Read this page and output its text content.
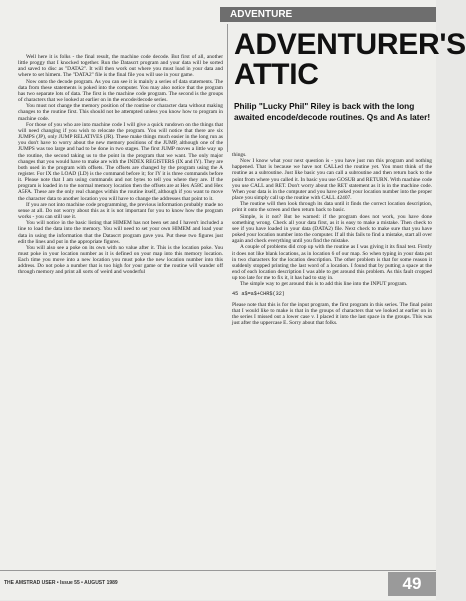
ADVENTURE
ADVENTURER'S
ATTIC

Philip "Lucky Phil" Riley is back with the long awaited encode/decode routines. Qs and As later!

Well here it is folks - the final result, the machine code decode. But first of all, another little proggy that I knocked together. Run the Datascrt program and your data will be sorted and saved to disc as "DATA2". It will then work out where you must load in your data and where to set himem. The "DATA2" file is the final file you will use in your game.

Now onto the decode program. As you can see it is mainly a series of data statements. The data from these statements is poked into the computer. You may also notice that the program has two separate lots of data. The first is the machine code program. The second is the groups of characters that we looked at earlier on in the encode/decode series.

You must not change the memory position of the routine or character data without making changes to the routine first. This should not be attempted unless you know how to program in machine code.

For those of you who are into machine code I will give a quick rundown on the things that will need changing if you wish to relocate the program. You will notice that there are six JUMPS (JP), only JUMP RELATIVES (JR). These make things much easier in the long run as you don't have to worry about the new memory positions of the JUMP, although one of the JUMPS was too large and had to be done in two stages. The first JUMP moves a little way up the routine, the second taking us to the point in the program that we want. The only major changes that you would have to make are with the INDEX REGISTERS (IX and IY). They are both used in the program with offsets. The offsets are changed by the program using the A register. For IX the LOAD (LD) is the command before it; for IY it is three commands before it. Please note that I am using commands and not bytes to tell you where they are. If the program is loaded in to the normal memory location then the offsets are at Hex A58C and Hex A5FA. These are the only real changes within the routine itself, although if you want to move the character data to another location you will have to change the addresses that point to it.

If you are not into machine code programming, the previous information probably made no sense at all. Do not worry about this as it is not important for you to know how the program works - you can still use it.

You will notice in the basic listing that HIMEM has not been set and I haven't included a line to load the data into the memory. You will need to set your own HIMEM and load your data in using the information that the Datascrt program gave you. Put these two figures just edit the lines and put in the appropriate figures.

You will also see a poke on its own with no value after it. This is the location poke. You must poke in your location number as it is defined on your map into this memory location. Each time you move into a new location you must poke the new location number into this address. Do not poke a number that is too high for your game or the routine will wander off through memory and print all sorts of weird and wonderful

things.

Now I know what your next question is - you have just run this program and nothing happened. That is because we have not CALLed the routine yet. You must think of the routine as a subroutine. Just like basic you can call a subroutine and then return back to the point from where you called it. In basic you use GOSUB and RETURN. With machine code you use CALL and RET. Don't worry about the RET statement as it is in the machine code. When your data is in the computer and you have poked your location number into the proper place you simply call up the routine with CALL 42407.

The routine will then look through its data until it finds the correct location description, print it onto the screen and then return back to basic.

Simple, is it not? But be warned: if the program does not work, you have done something wrong. Check all your data first, as it is easy to make a mistake. Then check to see if you have loaded in your data (DATA2) file. Next check to make sure that you have poked your location number into the computer. If all this fails to find a mistake, start all over again and check everything until you find the mistake.

A couple of problems did crop up with the routine as I was giving it its final test. Firstly it does not like blank locations, as in location 6 of our map. So when typing in your data put in two characters for the location description. The other problem is that for some reason it suddenly stopped printing the last word of a location. I found that by putting a space at the end of each location description I was able to get around this problem. As this fault cropped up too late for me to fix it, it has had to stay in.

The simple way to get around this is to add this line into the INPUT program.

45 a$=a$+CHR$(32)

Please note that this is for the input program, the first program in this series. The final point that I would like to make is that in the groups of characters that we looked at earlier on in the series I missed out a lower case v. I placed it into the last space in the groups. This was just after the uppercase E. Sorry about that folks.

THE AMSTRAD USER • Issue 55 • AUGUST 1989	49
